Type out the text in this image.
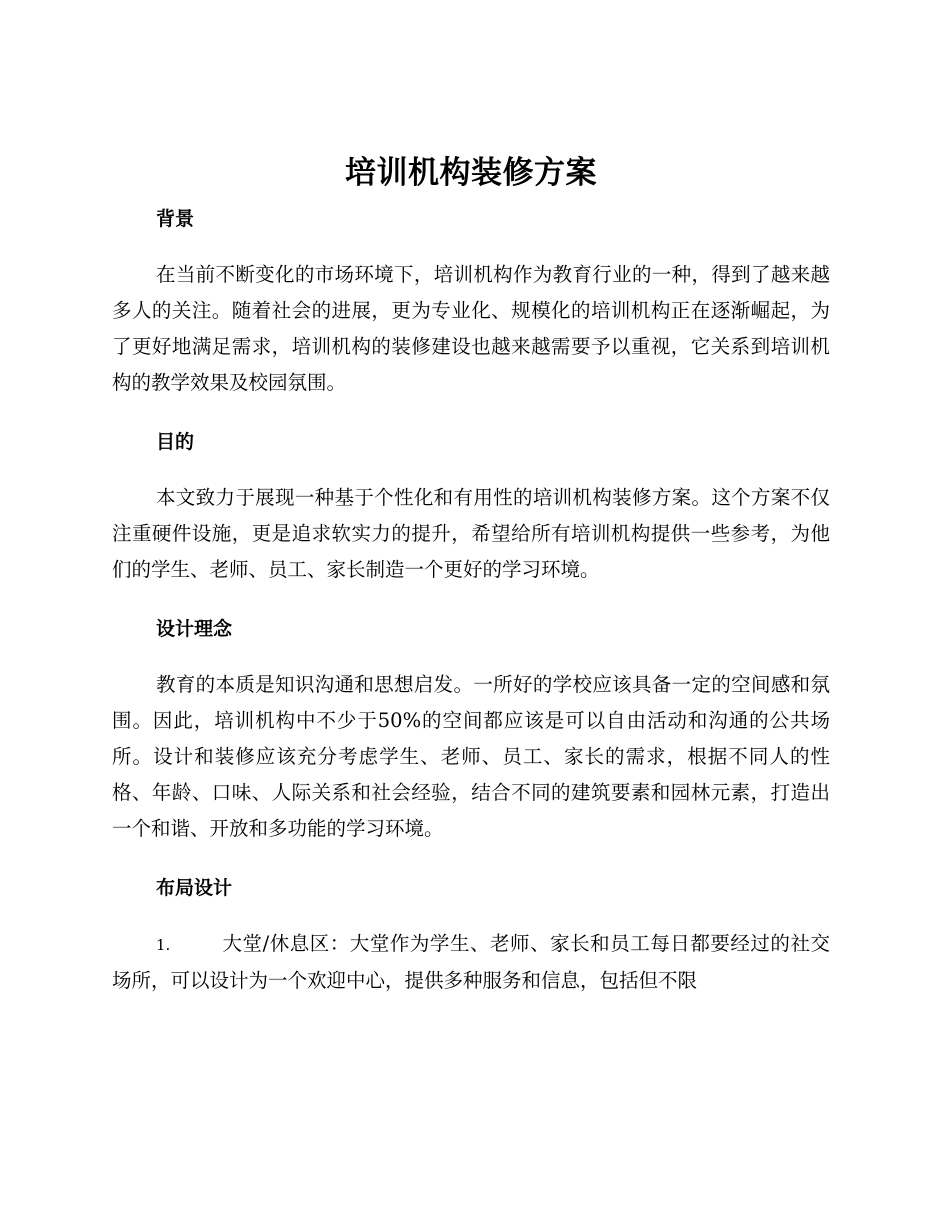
培训机构装修方案
背景

在当前不断变化的市场环境下，培训机构作为教育行业的一种，得到了越来越多人的关注。随着社会的进展，更为专业化、规模化的培训机构正在逐渐崛起，为了更好地满足需求，培训机构的装修建设也越来越需要予以重视，它关系到培训机构的教学效果及校园氛围。

目的

本文致力于展现一种基于个性化和有用性的培训机构装修方案。这个方案不仅注重硬件设施，更是追求软实力的提升，希望给所有培训机构提供一些参考，为他们的学生、老师、员工、家长制造一个更好的学习环境。

设计理念

教育的本质是知识沟通和思想启发。一所好的学校应该具备一定的空间感和氛围。因此，培训机构中不少于50%的空间都应该是可以自由活动和沟通的公共场所。设计和装修应该充分考虑学生、老师、员工、家长的需求，根据不同人的性格、年龄、口味、人际关系和社会经验，结合不同的建筑要素和园林元素，打造出一个和谐、开放和多功能的学习环境。

布局设计

1.	大堂/休息区：大堂作为学生、老师、家长和员工每日都要经过的社交场所，可以设计为一个欢迎中心，提供多种服务和信息，包括但不限
